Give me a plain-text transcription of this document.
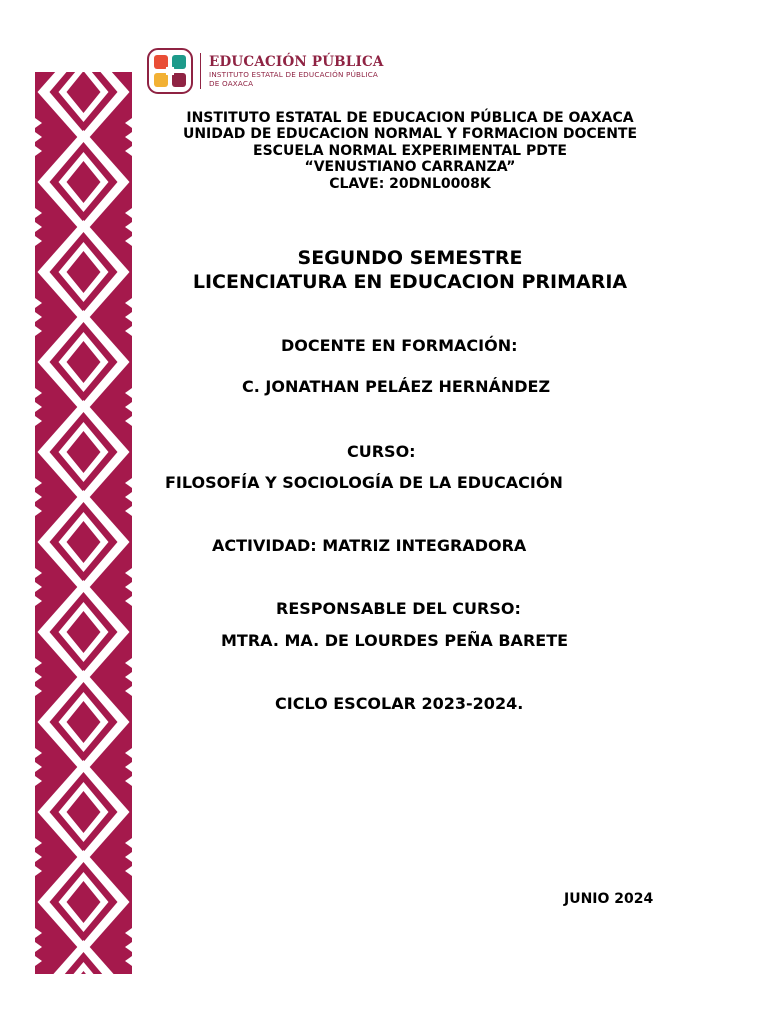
EDUCACIÓN PÚBLICA
INSTITUTO ESTATAL DE EDUCACIÓN PÚBLICA
DE OAXACA
INSTITUTO ESTATAL DE EDUCACION PÚBLICA DE OAXACA
UNIDAD DE EDUCACION NORMAL Y FORMACION DOCENTE
ESCUELA NORMAL EXPERIMENTAL PDTE
“VENUSTIANO CARRANZA”
CLAVE: 20DNL0008K
SEGUNDO SEMESTRE
LICENCIATURA EN EDUCACION PRIMARIA
DOCENTE EN FORMACIÓN:
C. JONATHAN PELÁEZ HERNÁNDEZ
CURSO:
FILOSOFÍA Y SOCIOLOGÍA DE LA EDUCACIÓN
ACTIVIDAD: MATRIZ INTEGRADORA
RESPONSABLE DEL CURSO:
MTRA. MA. DE LOURDES PEÑA BARETE
CICLO ESCOLAR 2023-2024.
JUNIO 2024
